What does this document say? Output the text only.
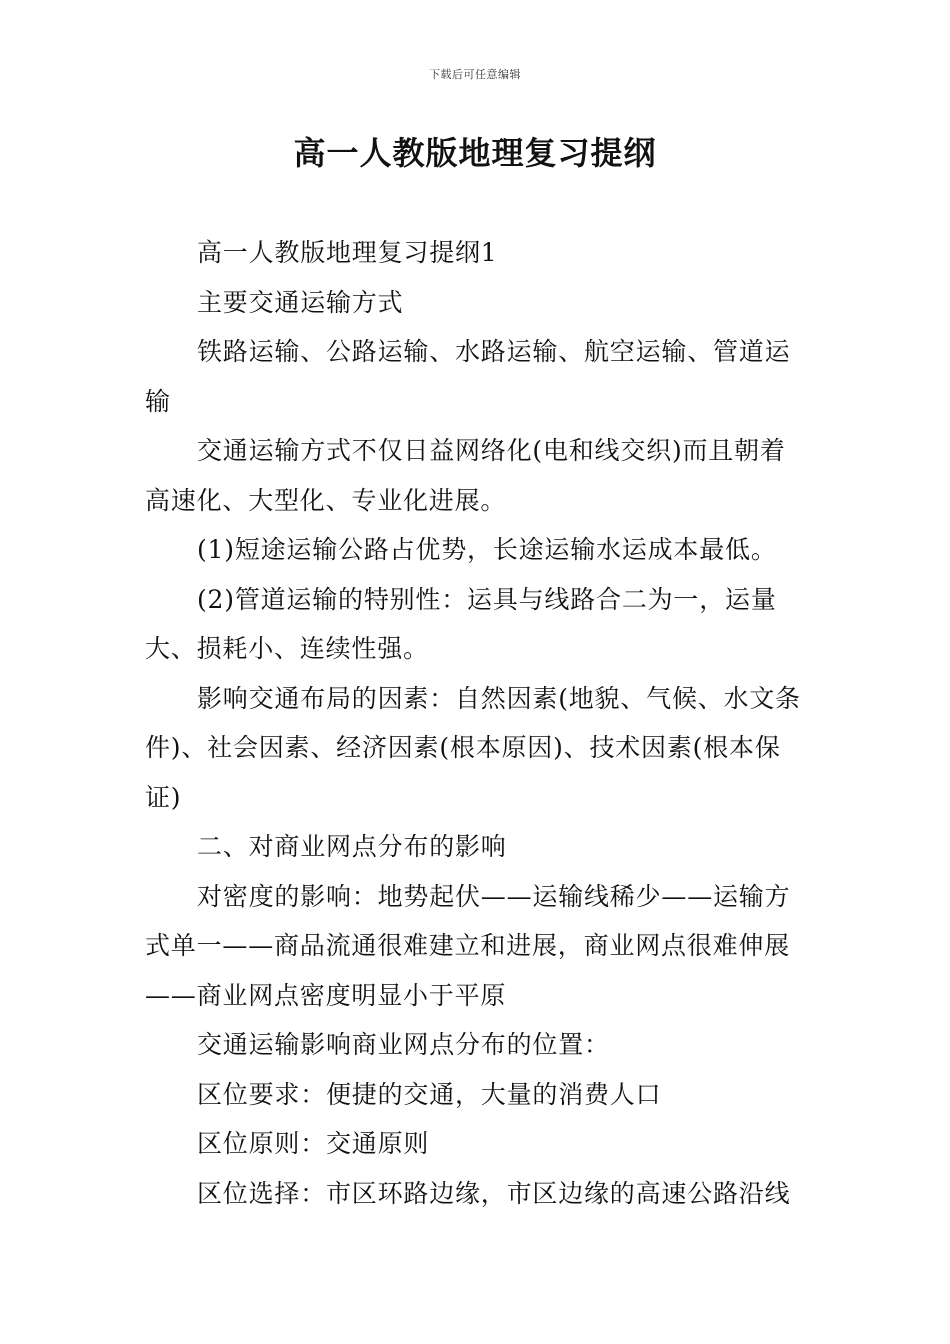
下载后可任意编辑
高一人教版地理复习提纲

高一人教版地理复习提纲1

主要交通运输方式

铁路运输、公路运输、水路运输、航空运输、管道运输

交通运输方式不仅日益网络化(电和线交织)而且朝着高速化、大型化、专业化进展。

(1)短途运输公路占优势，长途运输水运成本最低。

(2)管道运输的特别性：运具与线路合二为一，运量大、损耗小、连续性强。

影响交通布局的因素：自然因素(地貌、气候、水文条件)、社会因素、经济因素(根本原因)、技术因素(根本保证)

二、对商业网点分布的影响

对密度的影响：地势起伏——运输线稀少——运输方式单一——商品流通很难建立和进展，商业网点很难伸展——商业网点密度明显小于平原

交通运输影响商业网点分布的位置：

区位要求：便捷的交通，大量的消费人口

区位原则：交通原则

区位选择：市区环路边缘，市区边缘的高速公路沿线
